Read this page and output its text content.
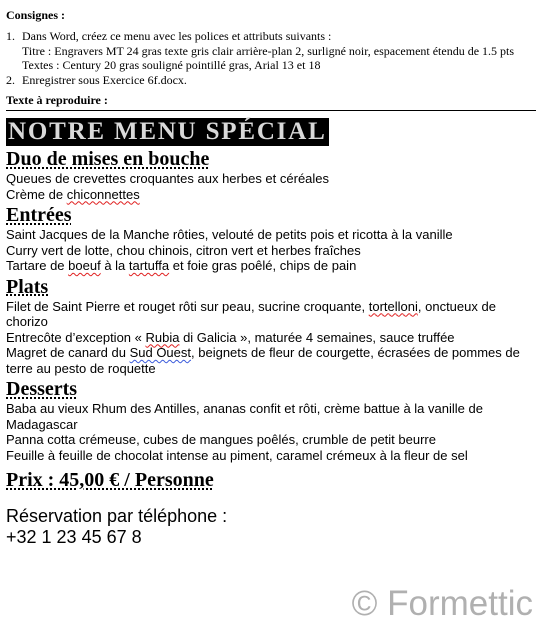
Consignes :
1. Dans Word, créez ce menu avec les polices et attributs suivants :
Titre : Engravers MT 24 gras texte gris clair arrière-plan 2, surligné noir, espacement étendu de 1.5 pts
Textes : Century 20 gras souligné pointillé gras, Arial 13 et 18
2. Enregistrer sous Exercice 6f.docx.
Texte à reproduire :
NOTRE MENU SPÉCIAL
Duo de mises en bouche
Queues de crevettes croquantes aux herbes et céréales
Crème de chiconnettes
Entrées
Saint Jacques de la Manche rôties, velouté de petits pois et ricotta à la vanille
Curry vert de lotte, chou chinois, citron vert et herbes fraîches
Tartare de boeuf à la tartuffa et foie gras poêlé, chips de pain
Plats
Filet de Saint Pierre et rouget rôti sur peau, sucrine croquante, tortelloni, onctueux de chorizo
Entrecôte d’exception « Rubia di Galicia », maturée 4 semaines, sauce truffée
Magret de canard du Sud Ouest, beignets de fleur de courgette, écrasées de pommes de terre au pesto de roquette
Desserts
Baba au vieux Rhum des Antilles, ananas confit et rôti, crème battue à la vanille de Madagascar
Panna cotta crémeuse, cubes de mangues poêlés, crumble de petit beurre
Feuille à feuille de chocolat intense au piment, caramel crémeux à la fleur de sel
Prix : 45,00 € / Personne
Réservation par téléphone :
+32 1 23 45 67 8
© Formettic
